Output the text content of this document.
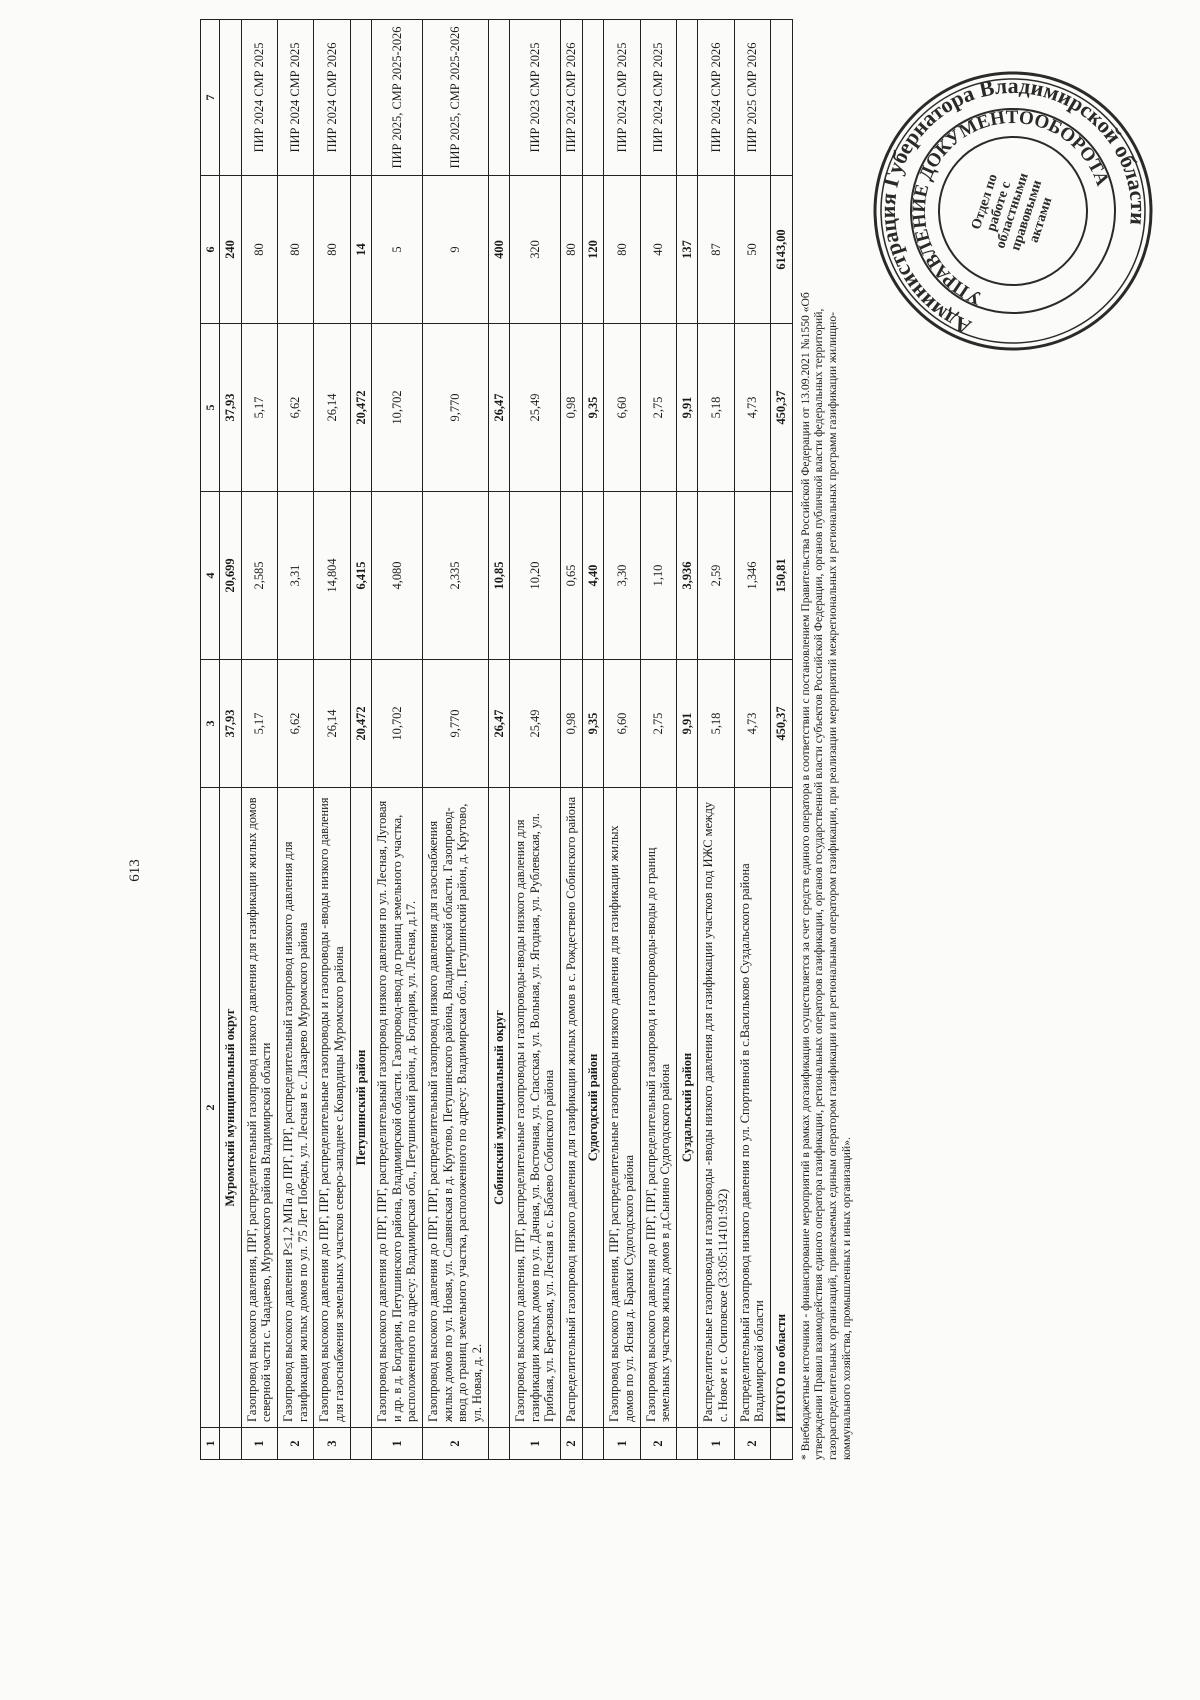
613
1	2	3	4	5	6	7
	Муромский муниципальный округ	37,93	20,699	37,93	240	
1	Газопровод высокого давления, ПРГ, распределительный газопровод низкого давления для газификации жилых домов северной части с. Чаадаево, Муромского района Владимирской области	5,17	2,585	5,17	80	ПИР 2024 СМР 2025
2	Газопровод высокого давления P≤1,2 МПа до ПРГ, ПРГ, распределительный газопровод низкого давления для газификации жилых домов по ул. 75 Лет Победы, ул. Лесная в с. Лазарево Муромского района	6,62	3,31	6,62	80	ПИР 2024 СМР 2025
3	Газопровод высокого давления до ПРГ, ПРГ, распределительные газопроводы и газопроводы -вводы низкого давления для газоснабжения земельных участков северо-западнее с.Ковардицы Муромского района	26,14	14,804	26,14	80	ПИР 2024 СМР 2026
	Петушинский район	20,472	6,415	20,472	14	
1	Газопровод высокого давления до ПРГ, ПРГ, распределительный газопровод низкого давления по ул. Лесная, Луговая и др. в д. Богдария, Петушинского района, Владимирской области. Газопровод-ввод до границ земельного участка, расположенного по адресу: Владимирская обл., Петушинский район, д. Богдария, ул. Лесная, д.17.	10,702	4,080	10,702	5	ПИР 2025, СМР 2025-2026
2	Газопровод высокого давления до ПРГ, ПРГ, распределительный газопровод низкого давления для газоснабжения жилых домов по ул. Новая, ул. Славянская в д. Крутово, Петушинского района, Владимирской области. Газопровод-ввод до границ земельного участка, расположенного по адресу: Владимирская обл., Петушинский район, д. Крутово, ул. Новая, д. 2.	9,770	2,335	9,770	9	ПИР 2025, СМР 2025-2026
	Собинский муниципальный округ	26,47	10,85	26,47	400	
1	Газопровод высокого давления, ПРГ, распределительные газопроводы и газопроводы-вводы низкого давления для газификации жилых домов по ул. Дачная, ул. Восточная, ул. Спасская, ул. Вольная, ул. Ягодная, ул. Рублевская, ул. Грибная, ул. Березовая, ул. Лесная в с. Бабаево Собинского района	25,49	10,20	25,49	320	ПИР 2023 СМР 2025
2	Распределительный газопровод низкого давления для газификации жилых домов в с. Рождествено Собинского района	0,98	0,65	0,98	80	ПИР 2024 СМР 2026
	Судогодский район	9,35	4,40	9,35	120	
1	Газопровод высокого давления, ПРГ, распределительные газопроводы низкого давления для газификации жилых домов по ул. Ясная д. Бараки Судогодского района	6,60	3,30	6,60	80	ПИР 2024 СМР 2025
2	Газопровод высокого давления до ПРГ, ПРГ, распределительный газопровод и газопроводы-вводы до границ земельных участков жилых домов в д.Сынино Судогодского района	2,75	1,10	2,75	40	ПИР 2024 СМР 2025
	Суздальский район	9,91	3,936	9,91	137	
1	Распределительные газопроводы и газопроводы -вводы низкого давления для газификации участков под ИЖС между с. Новое и с. Осиповское (33:05:114101:932)	5,18	2,59	5,18	87	ПИР 2024 СМР 2026
2	Распределительный газопровод низкого давления по ул. Спортивной в с.Васильково Суздальского района Владимирской области	4,73	1,346	4,73	50	ПИР 2025 СМР 2026
	ИТОГО по области	450,37	150,81	450,37	6143,00	
* Внебюджетные источники - финансирование мероприятий в рамках догазификации осуществляется за счет средств единого оператора в соответствии с постановлением Правительства Российской Федерации от 13.09.2021 №1550 «Об утверждении Правил взаимодействия единого оператора газификации, региональных операторов газификации, органов государственной власти субъектов Российской Федерации, органов публичной власти федеральных территорий, газораспределительных организаций, привлекаемых единым оператором газификации или региональным оператором газификации, при реализации мероприятий межрегиональных и региональных программ газификации жилищно-коммунального хозяйства, промышленных и иных организаций».
Администрация Губернатора Владимирской области
УПРАВЛЕНИЕ ДОКУМЕНТООБОРОТА
Отдел по работе с областными правовыми актами
